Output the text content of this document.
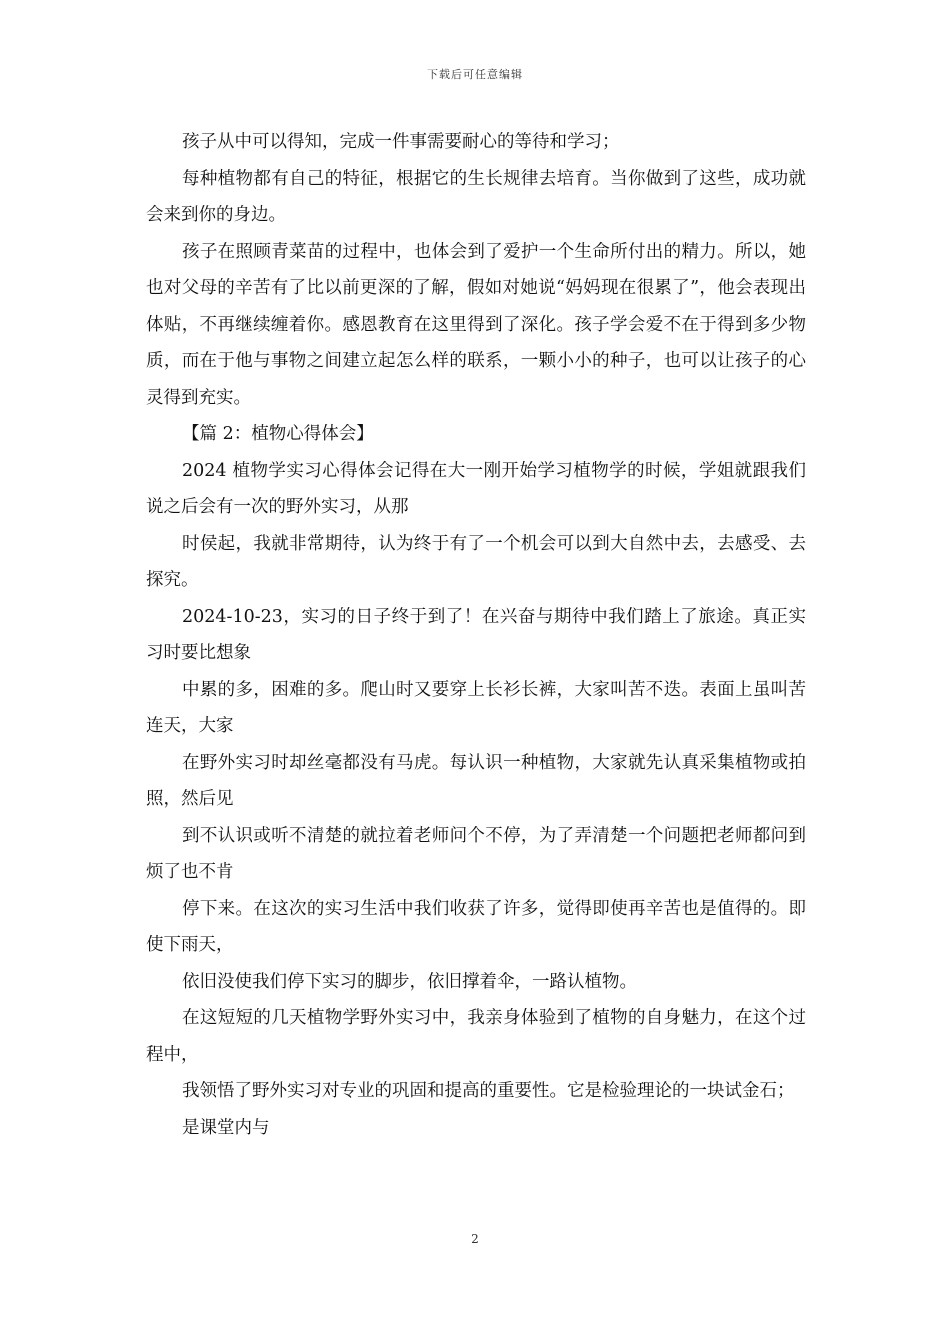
下载后可任意编辑

孩子从中可以得知，完成一件事需要耐心的等待和学习；

每种植物都有自己的特征，根据它的生长规律去培育。当你做到了这些，成功就会来到你的身边。

孩子在照顾青菜苗的过程中，也体会到了爱护一个生命所付出的精力。所以，她也对父母的辛苦有了比以前更深的了解，假如对她说“妈妈现在很累了”，他会表现出体贴，不再继续缠着你。感恩教育在这里得到了深化。孩子学会爱不在于得到多少物质，而在于他与事物之间建立起怎么样的联系，一颗小小的种子，也可以让孩子的心灵得到充实。

【篇 2：植物心得体会】

2024 植物学实习心得体会记得在大一刚开始学习植物学的时候，学姐就跟我们说之后会有一次的野外实习，从那

时侯起，我就非常期待，认为终于有了一个机会可以到大自然中去，去感受、去探究。

2024-10-23，实习的日子终于到了！在兴奋与期待中我们踏上了旅途。真正实习时要比想象

中累的多，困难的多。爬山时又要穿上长衫长裤，大家叫苦不迭。表面上虽叫苦连天，大家

在野外实习时却丝毫都没有马虎。每认识一种植物，大家就先认真采集植物或拍照，然后见

到不认识或听不清楚的就拉着老师问个不停，为了弄清楚一个问题把老师都问到烦了也不肯

停下来。在这次的实习生活中我们收获了许多，觉得即使再辛苦也是值得的。即使下雨天，

依旧没使我们停下实习的脚步，依旧撑着伞，一路认植物。

在这短短的几天植物学野外实习中，我亲身体验到了植物的自身魅力，在这个过程中，

我领悟了野外实习对专业的巩固和提高的重要性。它是检验理论的一块试金石；

是课堂内与

2
